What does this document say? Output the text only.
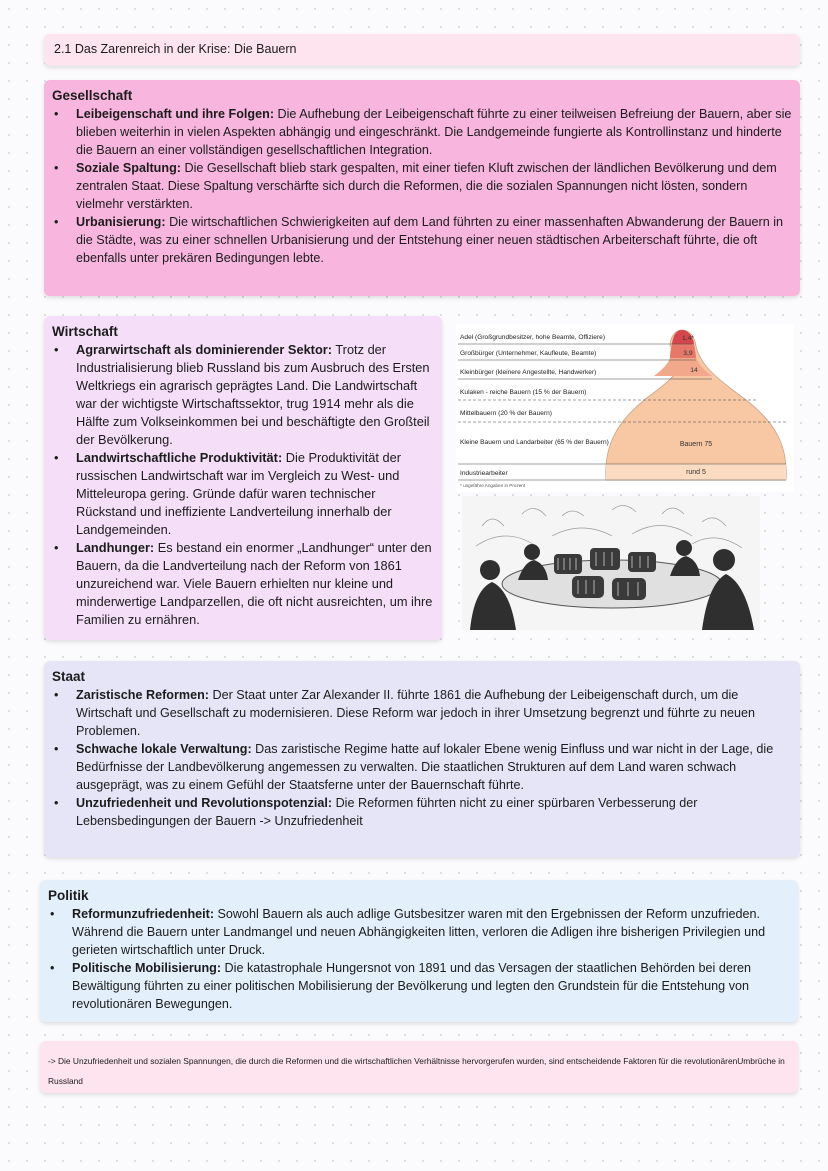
2.1 Das Zarenreich in der Krise: Die Bauern
Gesellschaft
• Leibeigenschaft und ihre Folgen: Die Aufhebung der Leibeigenschaft führte zu einer teilweisen Befreiung der Bauern, aber sie blieben weiterhin in vielen Aspekten abhängig und eingeschränkt. Die Landgemeinde fungierte als Kontrollinstanz und hinderte die Bauern an einer vollständigen gesellschaftlichen Integration.
• Soziale Spaltung: Die Gesellschaft blieb stark gespalten, mit einer tiefen Kluft zwischen der ländlichen Bevölkerung und dem zentralen Staat. Diese Spaltung verschärfte sich durch die Reformen, die die sozialen Spannungen nicht lösten, sondern vielmehr verstärkten.
• Urbanisierung: Die wirtschaftlichen Schwierigkeiten auf dem Land führten zu einer massenhaften Abwanderung der Bauern in die Städte, was zu einer schnellen Urbanisierung und der Entstehung einer neuen städtischen Arbeiterschaft führte, die oft ebenfalls unter prekären Bedingungen lebte.
Wirtschaft
• Agrarwirtschaft als dominierender Sektor: Trotz der Industrialisierung blieb Russland bis zum Ausbruch des Ersten Weltkriegs ein agrarisch geprägtes Land. Die Landwirtschaft war der wichtigste Wirtschaftssektor, trug 1914 mehr als die Hälfte zum Volkseinkommen bei und beschäftigte den Großteil der Bevölkerung.
• Landwirtschaftliche Produktivität: Die Produktivität der russischen Landwirtschaft war im Vergleich zu West- und Mitteleuropa gering. Gründe dafür waren technischer Rückstand und ineffiziente Landverteilung innerhalb der Landgemeinden.
• Landhunger: Es bestand ein enormer „Landhunger“ unter den Bauern, da die Landverteilung nach der Reform von 1861 unzureichend war. Viele Bauern erhielten nur kleine und minderwertige Landparzellen, die oft nicht ausreichten, um ihre Familien zu ernähren.
Adel (Großgrundbesitzer, hohe Beamte, Offiziere)
Großbürger (Unternehmer, Kaufleute, Beamte)
Kleinbürger (kleinere Angestellte, Handwerker)
Kulaken - reiche Bauern (15 % der Bauern)
Mittelbauern (20 % der Bauern)
Kleine Bauern und Landarbeiter (65 % der Bauern)
Industriearbeiter
* ungefähre Angaben in Prozent
1,4*
3,9
14
Bauern 75
rund 5
Staat
• Zaristische Reformen: Der Staat unter Zar Alexander II. führte 1861 die Aufhebung der Leibeigenschaft durch, um die Wirtschaft und Gesellschaft zu modernisieren. Diese Reform war jedoch in ihrer Umsetzung begrenzt und führte zu neuen Problemen.
• Schwache lokale Verwaltung: Das zaristische Regime hatte auf lokaler Ebene wenig Einfluss und war nicht in der Lage, die Bedürfnisse der Landbevölkerung angemessen zu verwalten. Die staatlichen Strukturen auf dem Land waren schwach ausgeprägt, was zu einem Gefühl der Staatsferne unter der Bauernschaft führte.
• Unzufriedenheit und Revolutionspotenzial: Die Reformen führten nicht zu einer spürbaren Verbesserung der Lebensbedingungen der Bauern -> Unzufriedenheit
Politik
• Reformunzufriedenheit: Sowohl Bauern als auch adlige Gutsbesitzer waren mit den Ergebnissen der Reform unzufrieden. Während die Bauern unter Landmangel und neuen Abhängigkeiten litten, verloren die Adligen ihre bisherigen Privilegien und gerieten wirtschaftlich unter Druck.
• Politische Mobilisierung: Die katastrophale Hungersnot von 1891 und das Versagen der staatlichen Behörden bei deren Bewältigung führten zu einer politischen Mobilisierung der Bevölkerung und legten den Grundstein für die Entstehung von revolutionären Bewegungen.
-> Die Unzufriedenheit und sozialen Spannungen, die durch die Reformen und die wirtschaftlichen Verhältnisse hervorgerufen wurden, sind entscheidende Faktoren für die revolutionärenUmbrüche in Russland
